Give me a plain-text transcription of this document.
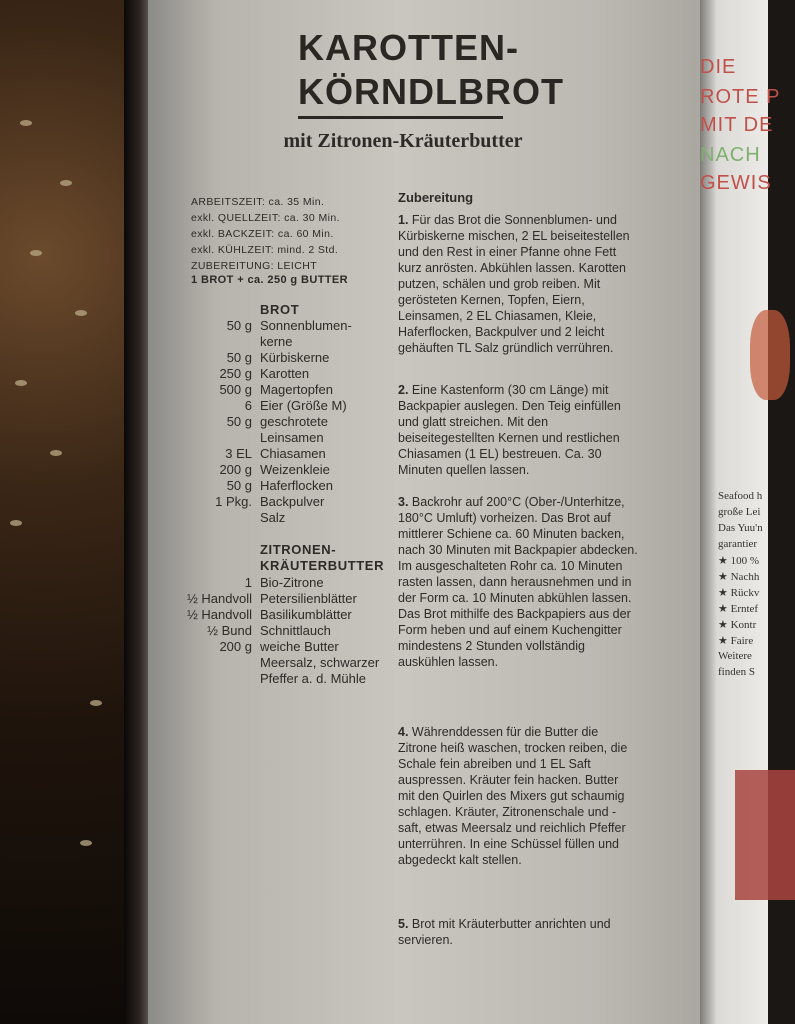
KAROTTEN-
KÖRNDLBROT
mit Zitronen-Kräuterbutter
ARBEITSZEIT: ca. 35 Min.
exkl. QUELLZEIT: ca. 30 Min.
exkl. BACKZEIT: ca. 60 Min.
exkl. KÜHLZEIT: mind. 2 Std.
ZUBEREITUNG: LEICHT
1 BROT + ca. 250 g BUTTER
BROT
50 g Sonnenblumen-
kerne
50 g Kürbiskerne
250 g Karotten
500 g Magertopfen
6 Eier (Größe M)
50 g geschrotete
Leinsamen
3 EL Chiasamen
200 g Weizenkleie
50 g Haferflocken
1 Pkg. Backpulver
Salz
ZITRONEN-
KRÄUTERBUTTER
1 Bio-Zitrone
½ Handvoll Petersilienblätter
½ Handvoll Basilikumblätter
½ Bund Schnittlauch
200 g weiche Butter
Meersalz, schwarzer
Pfeffer a. d. Mühle
Zubereitung
1. Für das Brot die Sonnenblumen- und Kürbiskerne mischen, 2 EL beiseitestellen und den Rest in einer Pfanne ohne Fett kurz anrösten. Abkühlen lassen. Karotten putzen, schälen und grob reiben. Mit gerösteten Kernen, Topfen, Eiern, Leinsamen, 2 EL Chiasamen, Kleie, Haferflocken, Backpulver und 2 leicht gehäuften TL Salz gründlich verrühren.
2. Eine Kastenform (30 cm Länge) mit Backpapier auslegen. Den Teig einfüllen und glatt streichen. Mit den beiseitegestellten Kernen und restlichen Chiasamen (1 EL) bestreuen. Ca. 30 Minuten quellen lassen.
3. Backrohr auf 200°C (Ober-/Unterhitze, 180°C Umluft) vorheizen. Das Brot auf mittlerer Schiene ca. 60 Minuten backen, nach 30 Minuten mit Backpapier abdecken. Im ausgeschalteten Rohr ca. 10 Minuten rasten lassen, dann herausnehmen und in der Form ca. 10 Minuten abkühlen lassen. Das Brot mithilfe des Backpapiers aus der Form heben und auf einem Kuchengitter mindestens 2 Stunden vollständig auskühlen lassen.
4. Währenddessen für die Butter die Zitrone heiß waschen, trocken reiben, die Schale fein abreiben und 1 EL Saft auspressen. Kräuter fein hacken. Butter mit den Quirlen des Mixers gut schaumig schlagen. Kräuter, Zitronenschale und -saft, etwas Meersalz und reichlich Pfeffer unterrühren. In eine Schüssel füllen und abgedeckt kalt stellen.
5. Brot mit Kräuterbutter anrichten und servieren.
DIE
ROTE P
MIT DE
NACH
GEWIS
Seafood h
große Lei
Das Yuu'n
garantier
★ 100 %
★ Nachh
★ Rückv
★ Erntef
★ Kontr
★ Faire
Weitere
finden S
